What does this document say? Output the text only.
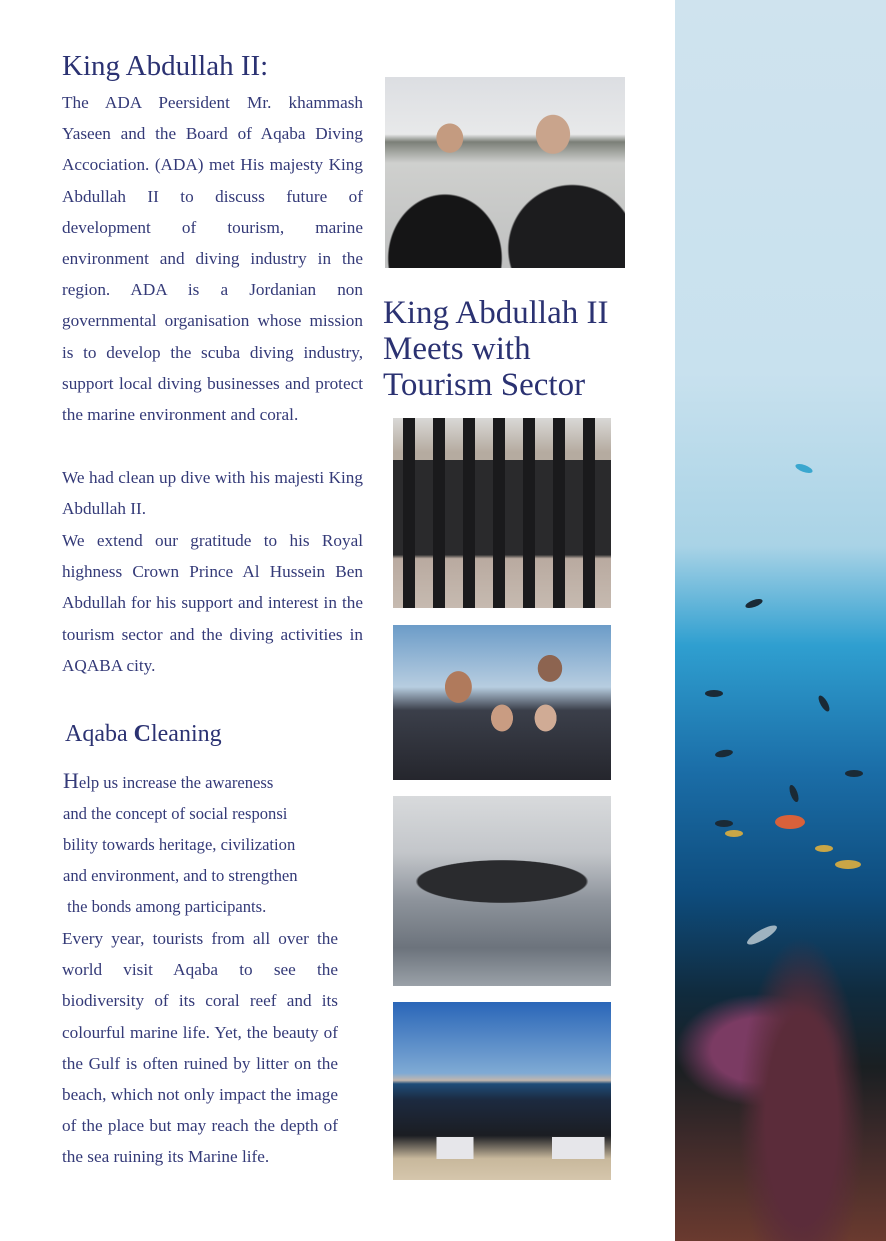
King Abdullah II:

The ADA Peersident Mr. khammash Yaseen and the Board of Aqaba Diving Accociation. (ADA) met His majesty King Abdullah II to discuss future of development of tourism, marine environment and diving industry in the region. ADA is a Jordanian non governmental organisation whose mission is to develop the scuba diving industry, support local diving businesses and protect the marine environment and coral.

We had clean up dive with his majesti King Abdullah II.

We extend our gratitude to his Royal highness Crown Prince Al Hussein Ben Abdullah for his support and interest in the tourism sector and the diving activities in AQABA city.

Aqaba Cleaning

Help us increase the awareness
and the concept of social responsi
bility towards heritage, civilization
and environment, and to strengthen
the bonds among participants.

Every year, tourists from all over the world visit Aqaba to see the biodiversity of its coral reef and its colourful marine life. Yet, the beauty of the Gulf is often ruined by litter on the beach, which not only impact the image of the place but may reach the depth of the sea ruining its Marine life.

King Abdullah II
Meets with
Tourism Sector
